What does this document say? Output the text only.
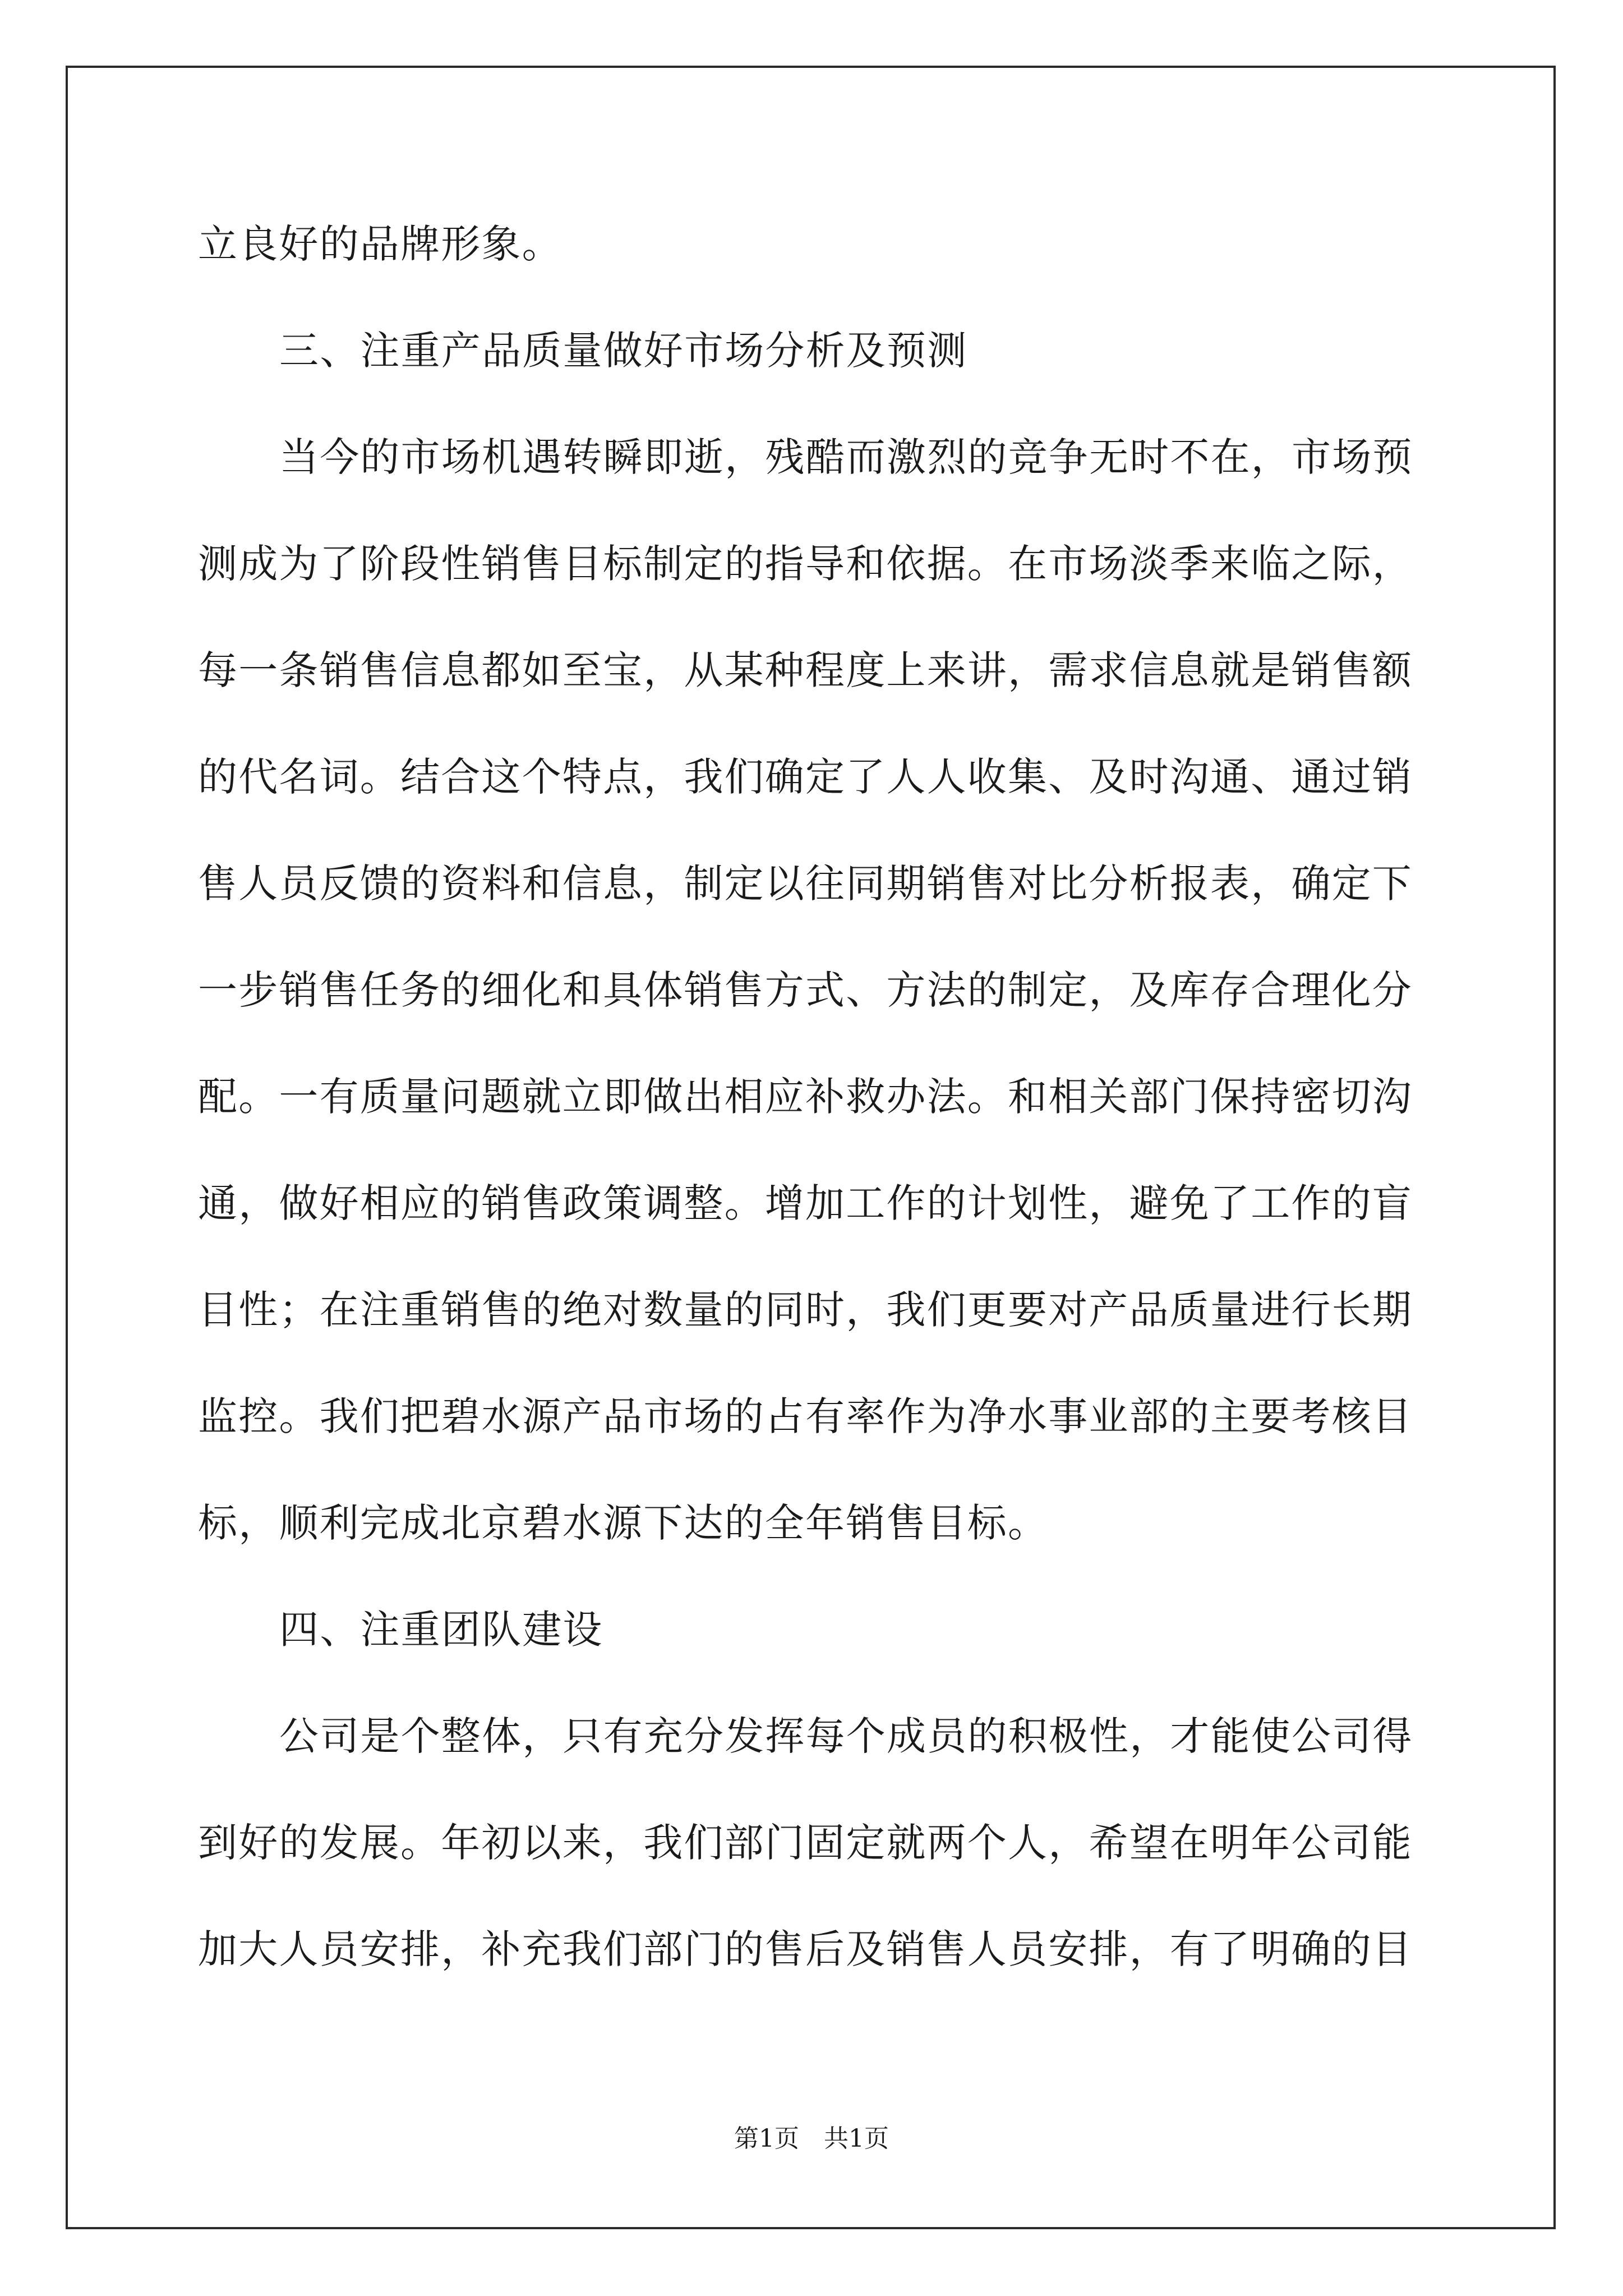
立良好的品牌形象。
三、注重产品质量做好市场分析及预测
当今的市场机遇转瞬即逝，残酷而激烈的竞争无时不在，市场预
测成为了阶段性销售目标制定的指导和依据。在市场淡季来临之际，
每一条销售信息都如至宝，从某种程度上来讲，需求信息就是销售额
的代名词。结合这个特点，我们确定了人人收集、及时沟通、通过销
售人员反馈的资料和信息，制定以往同期销售对比分析报表，确定下
一步销售任务的细化和具体销售方式、方法的制定，及库存合理化分
配。一有质量问题就立即做出相应补救办法。和相关部门保持密切沟
通，做好相应的销售政策调整。增加工作的计划性，避免了工作的盲
目性；在注重销售的绝对数量的同时，我们更要对产品质量进行长期
监控。我们把碧水源产品市场的占有率作为净水事业部的主要考核目
标，顺利完成北京碧水源下达的全年销售目标。
四、注重团队建设
公司是个整体，只有充分发挥每个成员的积极性，才能使公司得
到好的发展。年初以来，我们部门固定就两个人，希望在明年公司能
加大人员安排，补充我们部门的售后及销售人员安排，有了明确的目
第1页　共1页
